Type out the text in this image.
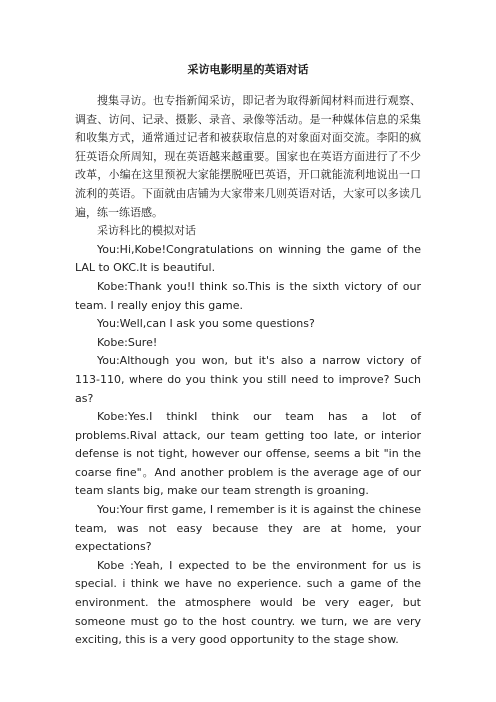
采访电影明星的英语对话

搜集寻访。也专指新闻采访，即记者为取得新闻材料而进行观察、调查、访问、记录、摄影、录音、录像等活动。是一种媒体信息的采集和收集方式，通常通过记者和被获取信息的对象面对面交流。李阳的疯狂英语众所周知，现在英语越来越重要。国家也在英语方面进行了不少改革，小编在这里预祝大家能摆脱哑巴英语，开口就能流利地说出一口流利的英语。下面就由店铺为大家带来几则英语对话，大家可以多读几遍，练一练语感。

采访科比的模拟对话

You:Hi,Kobe!Congratulations on winning the game of the LAL to OKC.It is beautiful.

Kobe:Thank you!I think so.This is the sixth victory of our team. I really enjoy this game.

You:Well,can I ask you some questions?

Kobe:Sure!

You:Although you won, but it's also a narrow victory of 113-110, where do you think you still need to improve? Such as?

Kobe:Yes.I thinkI think our team has a lot of problems.Rival attack, our team getting too late, or interior defense is not tight, however our offense, seems a bit "in the coarse fine"。And another problem is the average age of our team slants big, make our team strength is groaning.

You:Your first game, I remember is it is against the chinese team, was not easy because they are at home, your expectations?

Kobe :Yeah, I expected to be the environment for us is special. i think we have no experience. such a game of the environment. the atmosphere would be very eager, but someone must go to the host country. we turn, we are very exciting, this is a very good opportunity to the stage show.
